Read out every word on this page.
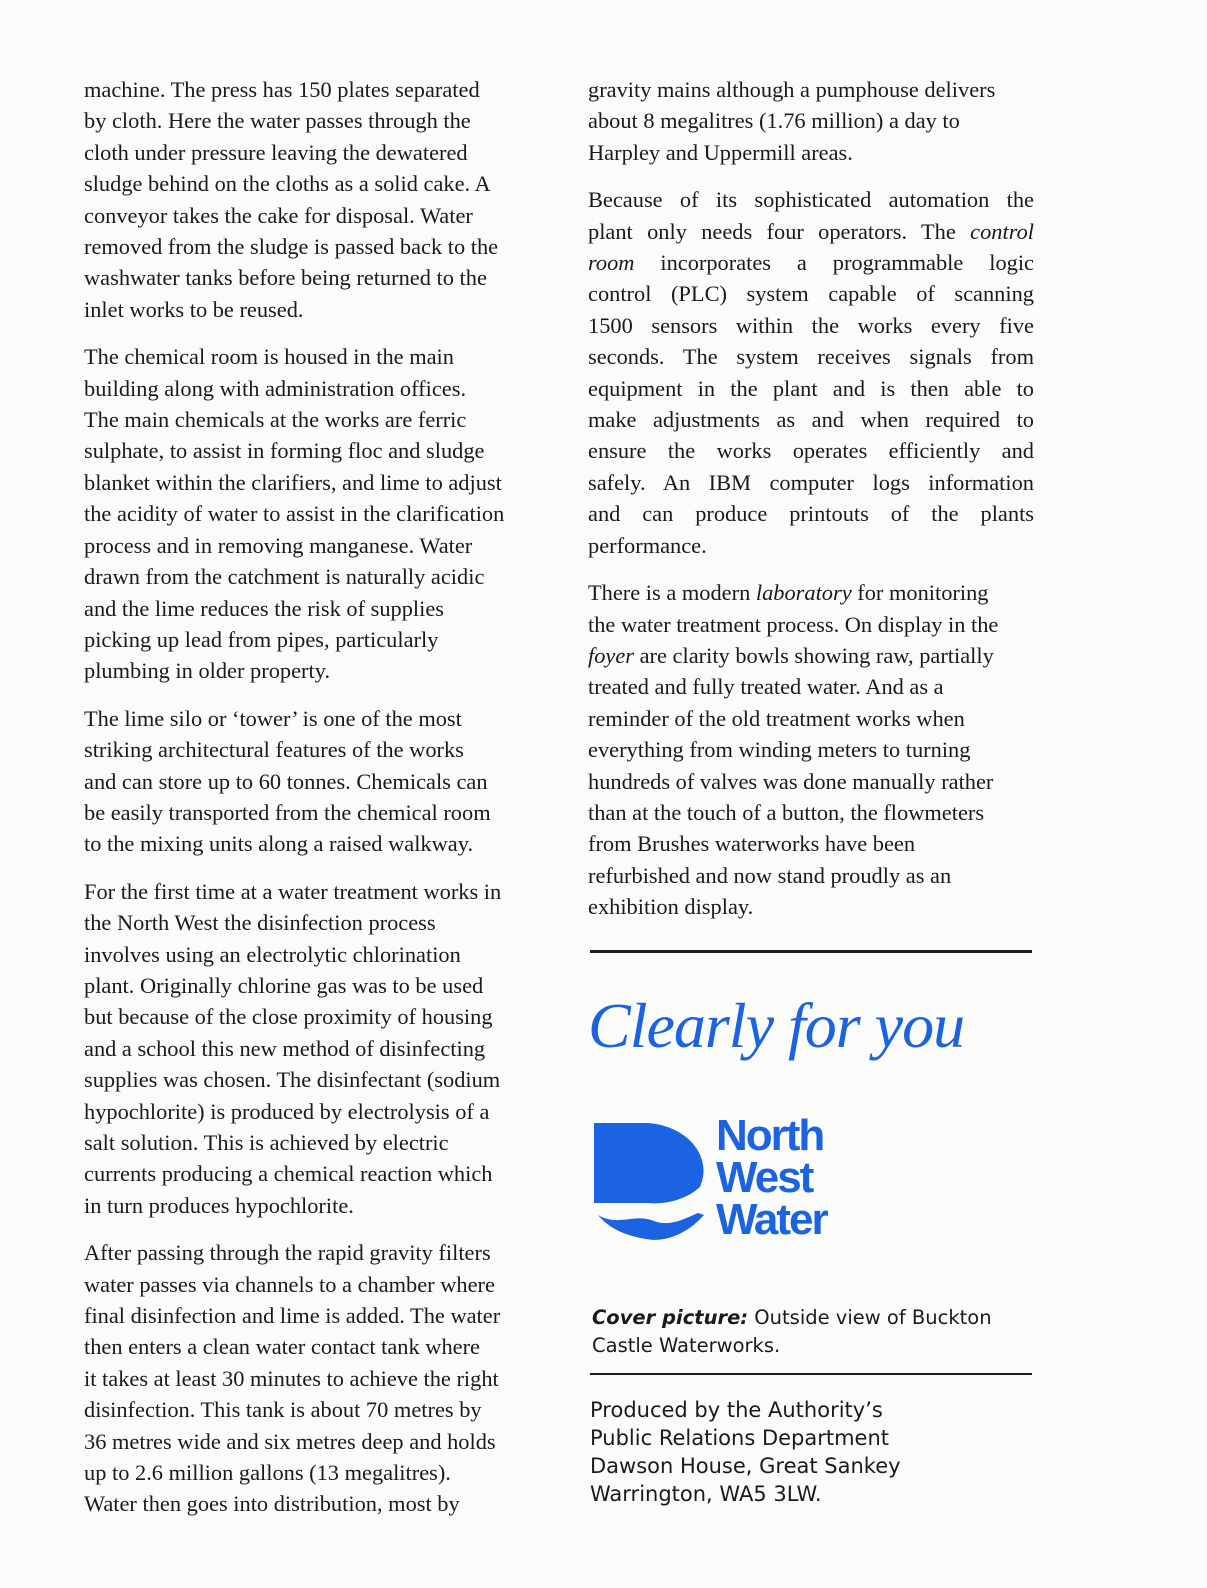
machine. The press has 150 plates separated
by cloth. Here the water passes through the
cloth under pressure leaving the dewatered
sludge behind on the cloths as a solid cake. A
conveyor takes the cake for disposal. Water
removed from the sludge is passed back to the
washwater tanks before being returned to the
inlet works to be reused.

The chemical room is housed in the main
building along with administration offices.
The main chemicals at the works are ferric
sulphate, to assist in forming floc and sludge
blanket within the clarifiers, and lime to adjust
the acidity of water to assist in the clarification
process and in removing manganese. Water
drawn from the catchment is naturally acidic
and the lime reduces the risk of supplies
picking up lead from pipes, particularly
plumbing in older property.

The lime silo or ‘tower’ is one of the most
striking architectural features of the works
and can store up to 60 tonnes. Chemicals can
be easily transported from the chemical room
to the mixing units along a raised walkway.

For the first time at a water treatment works in
the North West the disinfection process
involves using an electrolytic chlorination
plant. Originally chlorine gas was to be used
but because of the close proximity of housing
and a school this new method of disinfecting
supplies was chosen. The disinfectant (sodium
hypochlorite) is produced by electrolysis of a
salt solution. This is achieved by electric
currents producing a chemical reaction which
in turn produces hypochlorite.

After passing through the rapid gravity filters
water passes via channels to a chamber where
final disinfection and lime is added. The water
then enters a clean water contact tank where
it takes at least 30 minutes to achieve the right
disinfection. This tank is about 70 metres by
36 metres wide and six metres deep and holds
up to 2.6 million gallons (13 megalitres).
Water then goes into distribution, most by

gravity mains although a pumphouse delivers
about 8 megalitres (1.76 million) a day to
Harpley and Uppermill areas.

Because of its sophisticated automation the
plant only needs four operators. The control
room incorporates a programmable logic
control (PLC) system capable of scanning
1500 sensors within the works every five
seconds. The system receives signals from
equipment in the plant and is then able to
make adjustments as and when required to
ensure the works operates efficiently and
safely. An IBM computer logs information
and can produce printouts of the plants
performance.

There is a modern laboratory for monitoring
the water treatment process. On display in the
foyer are clarity bowls showing raw, partially
treated and fully treated water. And as a
reminder of the old treatment works when
everything from winding meters to turning
hundreds of valves was done manually rather
than at the touch of a button, the flowmeters
from Brushes waterworks have been
refurbished and now stand proudly as an
exhibition display.

Clearly for you
North
West
Water
Cover picture: Outside view of Buckton
Castle Waterworks.
Produced by the Authority’s
Public Relations Department
Dawson House, Great Sankey
Warrington, WA5 3LW.
